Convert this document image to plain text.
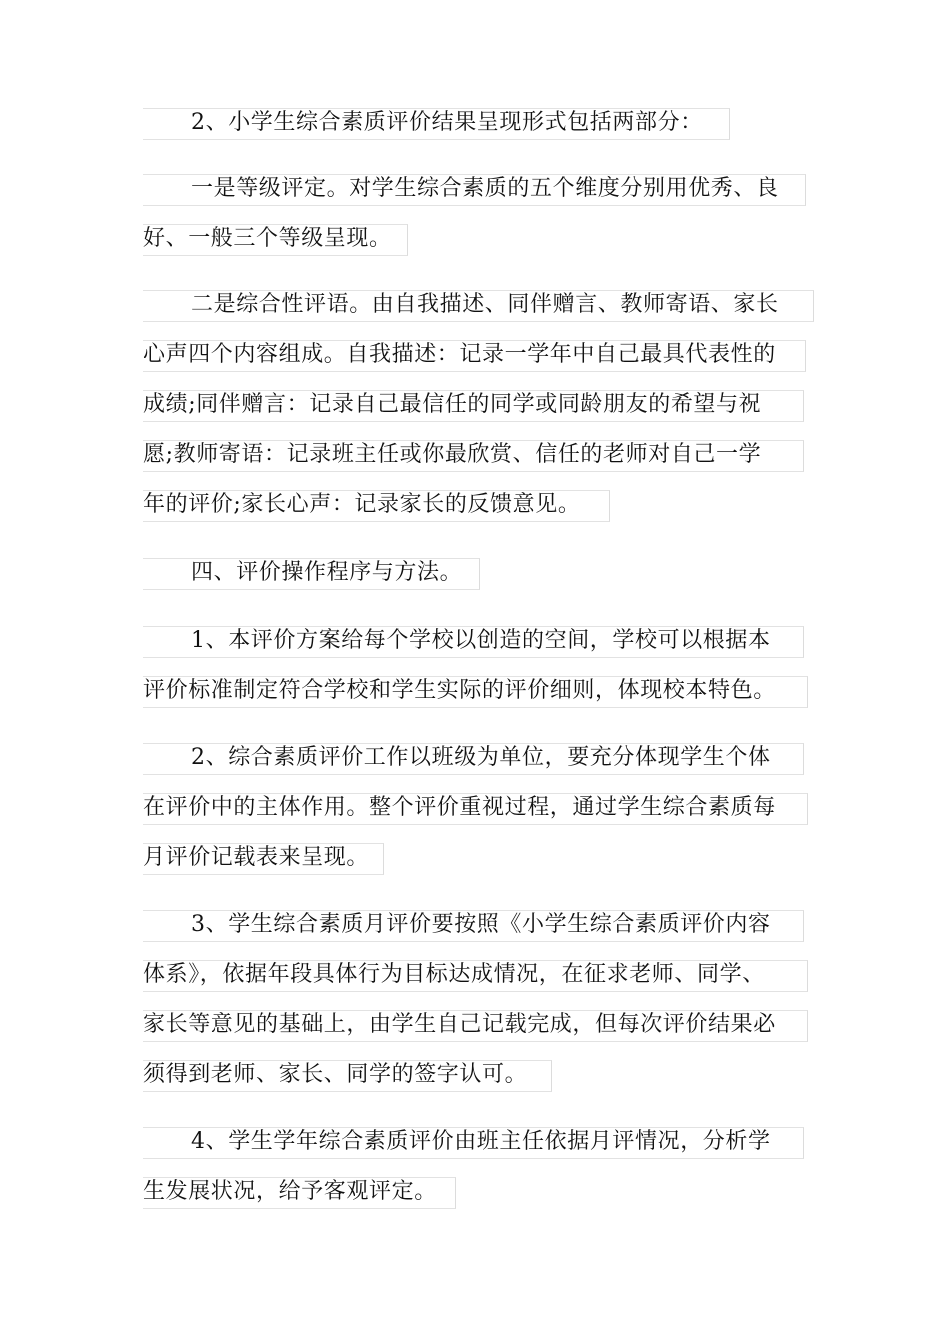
2、小学生综合素质评价结果呈现形式包括两部分：
一是等级评定。对学生综合素质的五个维度分别用优秀、良
好、一般三个等级呈现。
二是综合性评语。由自我描述、同伴赠言、教师寄语、家长
心声四个内容组成。自我描述：记录一学年中自己最具代表性的
成绩;同伴赠言：记录自己最信任的同学或同龄朋友的希望与祝
愿;教师寄语：记录班主任或你最欣赏、信任的老师对自己一学
年的评价;家长心声：记录家长的反馈意见。
四、评价操作程序与方法。
1、本评价方案给每个学校以创造的空间，学校可以根据本
评价标准制定符合学校和学生实际的评价细则，体现校本特色。
2、综合素质评价工作以班级为单位，要充分体现学生个体
在评价中的主体作用。整个评价重视过程，通过学生综合素质每
月评价记载表来呈现。
3、学生综合素质月评价要按照《小学生综合素质评价内容
体系》，依据年段具体行为目标达成情况，在征求老师、同学、
家长等意见的基础上，由学生自己记载完成，但每次评价结果必
须得到老师、家长、同学的签字认可。
4、学生学年综合素质评价由班主任依据月评情况，分析学
生发展状况，给予客观评定。
